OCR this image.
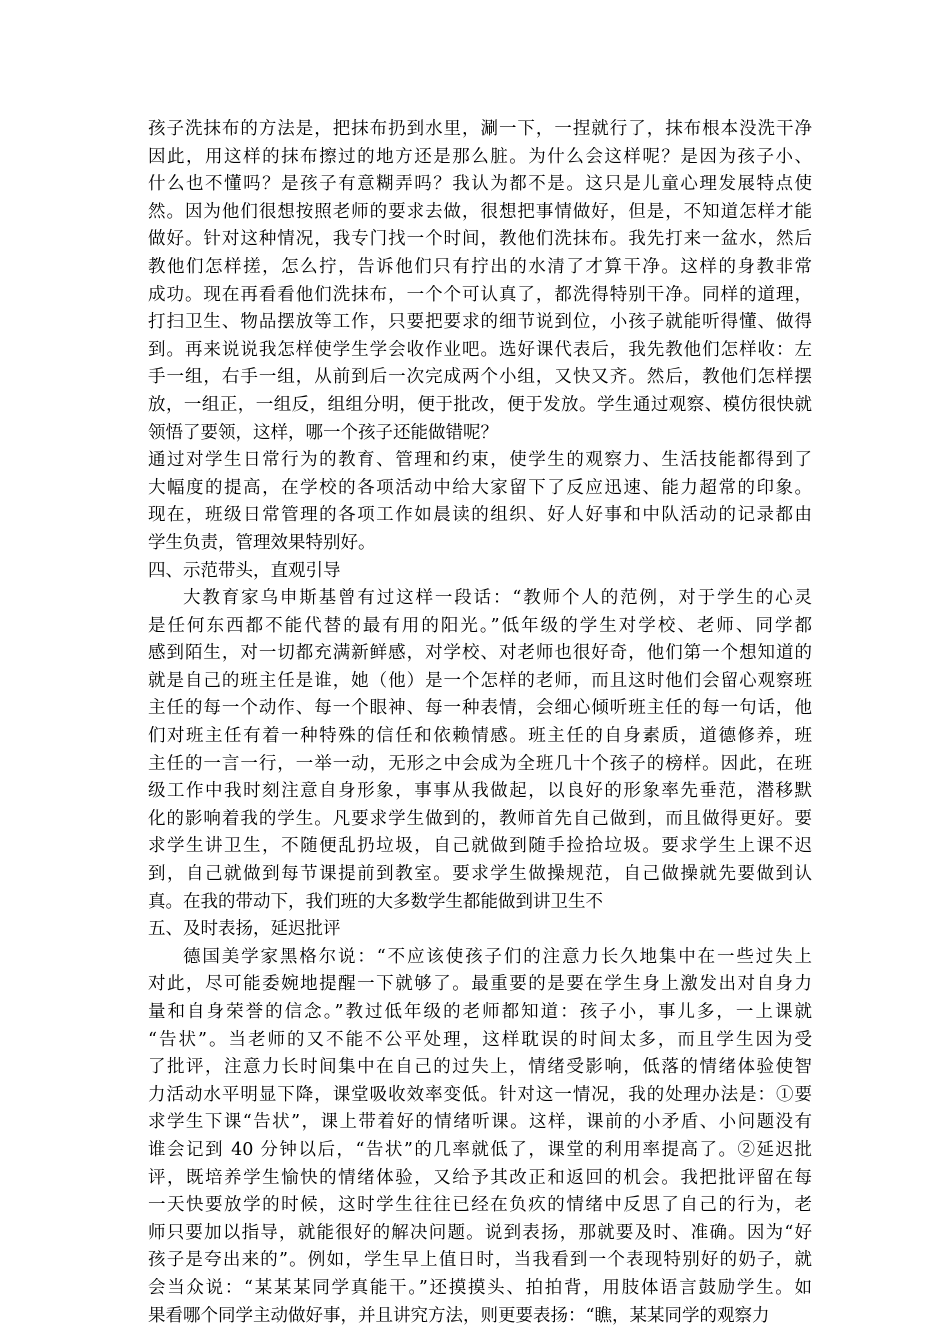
孩子洗抹布的方法是，把抹布扔到水里，涮一下，一捏就行了，抹布根本没洗干净
因此，用这样的抹布擦过的地方还是那么脏。为什么会这样呢？是因为孩子小、
什么也不懂吗？是孩子有意糊弄吗？我认为都不是。这只是儿童心理发展特点使
然。因为他们很想按照老师的要求去做，很想把事情做好，但是，不知道怎样才能
做好。针对这种情况，我专门找一个时间，教他们洗抹布。我先打来一盆水，然后
教他们怎样搓，怎么拧，告诉他们只有拧出的水清了才算干净。这样的身教非常
成功。现在再看看他们洗抹布，一个个可认真了，都洗得特别干净。同样的道理，
打扫卫生、物品摆放等工作，只要把要求的细节说到位，小孩子就能听得懂、做得
到。再来说说我怎样使学生学会收作业吧。选好课代表后，我先教他们怎样收：左
手一组，右手一组，从前到后一次完成两个小组，又快又齐。然后，教他们怎样摆
放，一组正，一组反，组组分明，便于批改，便于发放。学生通过观察、模仿很快就
领悟了要领，这样，哪一个孩子还能做错呢？
通过对学生日常行为的教育、管理和约束，使学生的观察力、生活技能都得到了
大幅度的提高，在学校的各项活动中给大家留下了反应迅速、能力超常的印象。
现在，班级日常管理的各项工作如晨读的组织、好人好事和中队活动的记录都由
学生负责，管理效果特别好。
四、示范带头，直观引导
大教育家乌申斯基曾有过这样一段话：“教师个人的范例，对于学生的心灵
是任何东西都不能代替的最有用的阳光。”低年级的学生对学校、老师、同学都
感到陌生，对一切都充满新鲜感，对学校、对老师也很好奇，他们第一个想知道的
就是自己的班主任是谁，她（他）是一个怎样的老师，而且这时他们会留心观察班
主任的每一个动作、每一个眼神、每一种表情，会细心倾听班主任的每一句话，他
们对班主任有着一种特殊的信任和依赖情感。班主任的自身素质，道德修养，班
主任的一言一行，一举一动，无形之中会成为全班几十个孩子的榜样。因此，在班
级工作中我时刻注意自身形象，事事从我做起，以良好的形象率先垂范，潜移默
化的影响着我的学生。凡要求学生做到的，教师首先自己做到，而且做得更好。要
求学生讲卫生，不随便乱扔垃圾，自己就做到随手捡拾垃圾。要求学生上课不迟
到，自己就做到每节课提前到教室。要求学生做操规范，自己做操就先要做到认
真。在我的带动下，我们班的大多数学生都能做到讲卫生不
五、及时表扬，延迟批评
德国美学家黑格尔说：“不应该使孩子们的注意力长久地集中在一些过失上
对此，尽可能委婉地提醒一下就够了。最重要的是要在学生身上激发出对自身力
量和自身荣誉的信念。”教过低年级的老师都知道：孩子小，事儿多，一上课就
“告状”。当老师的又不能不公平处理，这样耽误的时间太多，而且学生因为受
了批评，注意力长时间集中在自己的过失上，情绪受影响，低落的情绪体验使智
力活动水平明显下降，课堂吸收效率变低。针对这一情况，我的处理办法是：①要
求学生下课“告状”，课上带着好的情绪听课。这样，课前的小矛盾、小问题没有
谁会记到 40 分钟以后，“告状”的几率就低了，课堂的利用率提高了。②延迟批
评，既培养学生愉快的情绪体验，又给予其改正和返回的机会。我把批评留在每
一天快要放学的时候，这时学生往往已经在负疚的情绪中反思了自己的行为，老
师只要加以指导，就能很好的解决问题。说到表扬，那就要及时、准确。因为“好
孩子是夸出来的”。例如，学生早上值日时，当我看到一个表现特别好的奶子，就
会当众说：“某某某同学真能干。”还摸摸头、拍拍背，用肢体语言鼓励学生。如
果看哪个同学主动做好事，并且讲究方法，则更要表扬：“瞧，某某同学的观察力
